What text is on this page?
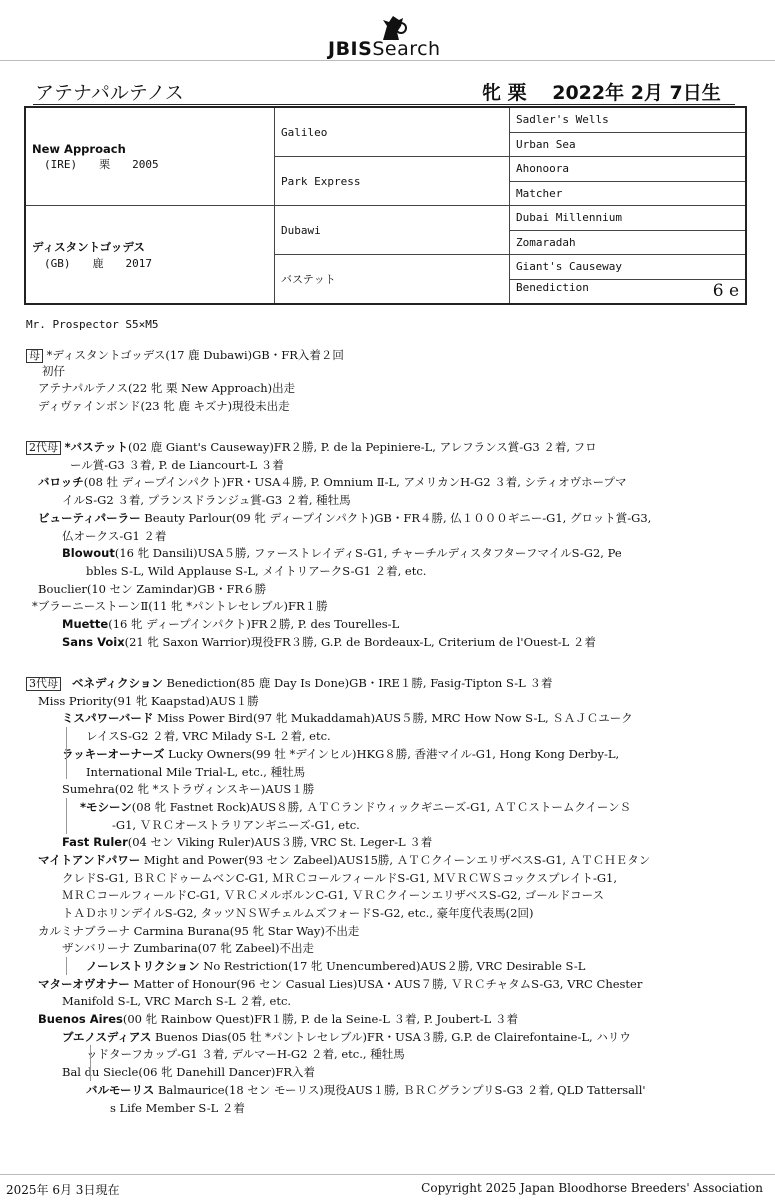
JBISSearch
アテナパルテノス	牝 栗　 2022年 2月 7日生
New Approach
(IRE)　　栗　　2005	Galileo	Sadler's Wells
		Urban Sea
	Park Express	Ahonoora
		Matcher

ディスタントゴッデス
(GB)　　鹿　　2017	Dubawi	Dubai Millennium
		Zomaradah
	バステット	Giant's Causeway
		Benediction 6 e
Mr. Prospector S5×M5
母 *ディスタントゴッデス(17 鹿 Dubawi)GB・FR入着２回
初仔
アテナパルテノス(22 牝 栗 New Approach)出走
ディヴァインボンド(23 牝 鹿 キズナ)現役未出走
2代母 *バステット(02 鹿 Giant's Causeway)FR２勝, P. de la Pepiniere-L, アレフランス賞-G3 ２着, フロ
ール賞-G3 ３着, P. de Liancourt-L ３着
バロッチ(08 牡 ディープインパクト)FR・USA４勝, P. Omnium Ⅱ-L, アメリカンH-G2 ３着, シティオヴホープマ
イルS-G2 ３着, プランスドランジュ賞-G3 ２着, 種牡馬
ビューティパーラー Beauty Parlour(09 牝 ディープインパクト)GB・FR４勝, 仏１０００ギニー-G1, グロット賞-G3,
仏オークス-G1 ２着
Blowout(16 牝 Dansili)USA５勝, ファーストレイディS-G1, チャーチルディスタフターフマイルS-G2, Pe
bbles S-L, Wild Applause S-L, メイトリアークS-G1 ２着, etc.
Bouclier(10 セン Zamindar)GB・FR６勝
*ブラーニーストーンⅡ(11 牝 *パントレセレブル)FR１勝
Muette(16 牝 ディープインパクト)FR２勝, P. des Tourelles-L
Sans Voix(21 牝 Saxon Warrior)現役FR３勝, G.P. de Bordeaux-L, Criterium de l'Ouest-L ２着
3代母 ベネディクション Benediction(85 鹿 Day Is Done)GB・IRE１勝, Fasig-Tipton S-L ３着
Miss Priority(91 牝 Kaapstad)AUS１勝
ミスパワーバード Miss Power Bird(97 牝 Mukaddamah)AUS５勝, MRC How Now S-L, ＳＡＪＣユーク
レイスS-G2 ２着, VRC Milady S-L ２着, etc.
ラッキーオーナーズ Lucky Owners(99 牡 *デインヒル)HKG８勝, 香港マイル-G1, Hong Kong Derby-L,
International Mile Trial-L, etc., 種牡馬
Sumehra(02 牝 *ストラヴィンスキー)AUS１勝
*モシーン(08 牝 Fastnet Rock)AUS８勝, ＡＴＣランドウィックギニーズ-G1, ＡＴＣストームクイーンＳ
-G1, ＶＲＣオーストラリアンギニーズ-G1, etc.
Fast Ruler(04 セン Viking Ruler)AUS３勝, VRC St. Leger-L ３着
マイトアンドパワー Might and Power(93 セン Zabeel)AUS15勝, ＡＴＣクイーンエリザベスS-G1, ＡＴＣＨＥタン
クレドS-G1, ＢＲＣドゥームベンC-G1, ＭＲＣコールフィールドS-G1, ＭＶＲＣＷＳコックスプレイト-G1,
ＭＲＣコールフィールドC-G1, ＶＲＣメルボルンC-G1, ＶＲＣクイーンエリザベスS-G2, ゴールドコース
トＡＤホリンデイルS-G2, タッツＮＳＷチェルムズフォードS-G2, etc., 豪年度代表馬(2回)
カルミナブラーナ Carmina Burana(95 牝 Star Way)不出走
ザンバリーナ Zumbarina(07 牝 Zabeel)不出走
ノーレストリクション No Restriction(17 牝 Unencumbered)AUS２勝, VRC Desirable S-L
マターオヴオナー Matter of Honour(96 セン Casual Lies)USA・AUS７勝, ＶＲＣチャタムS-G3, VRC Chester
Manifold S-L, VRC March S-L ２着, etc.
Buenos Aires(00 牝 Rainbow Quest)FR１勝, P. de la Seine-L ３着, P. Joubert-L ３着
ブエノスディアス Buenos Dias(05 牡 *パントレセレブル)FR・USA３勝, G.P. de Clairefontaine-L, ハリウ
ッドターフカップ-G1 ３着, デルマーH-G2 ２着, etc., 種牡馬
Bal du Siecle(06 牝 Danehill Dancer)FR入着
バルモーリス Balmaurice(18 セン モーリス)現役AUS１勝, ＢＲＣグランプリS-G3 ２着, QLD Tattersall'
s Life Member S-L ２着
2025年 6月 3日現在	Copyright 2025 Japan Bloodhorse Breeders' Association
